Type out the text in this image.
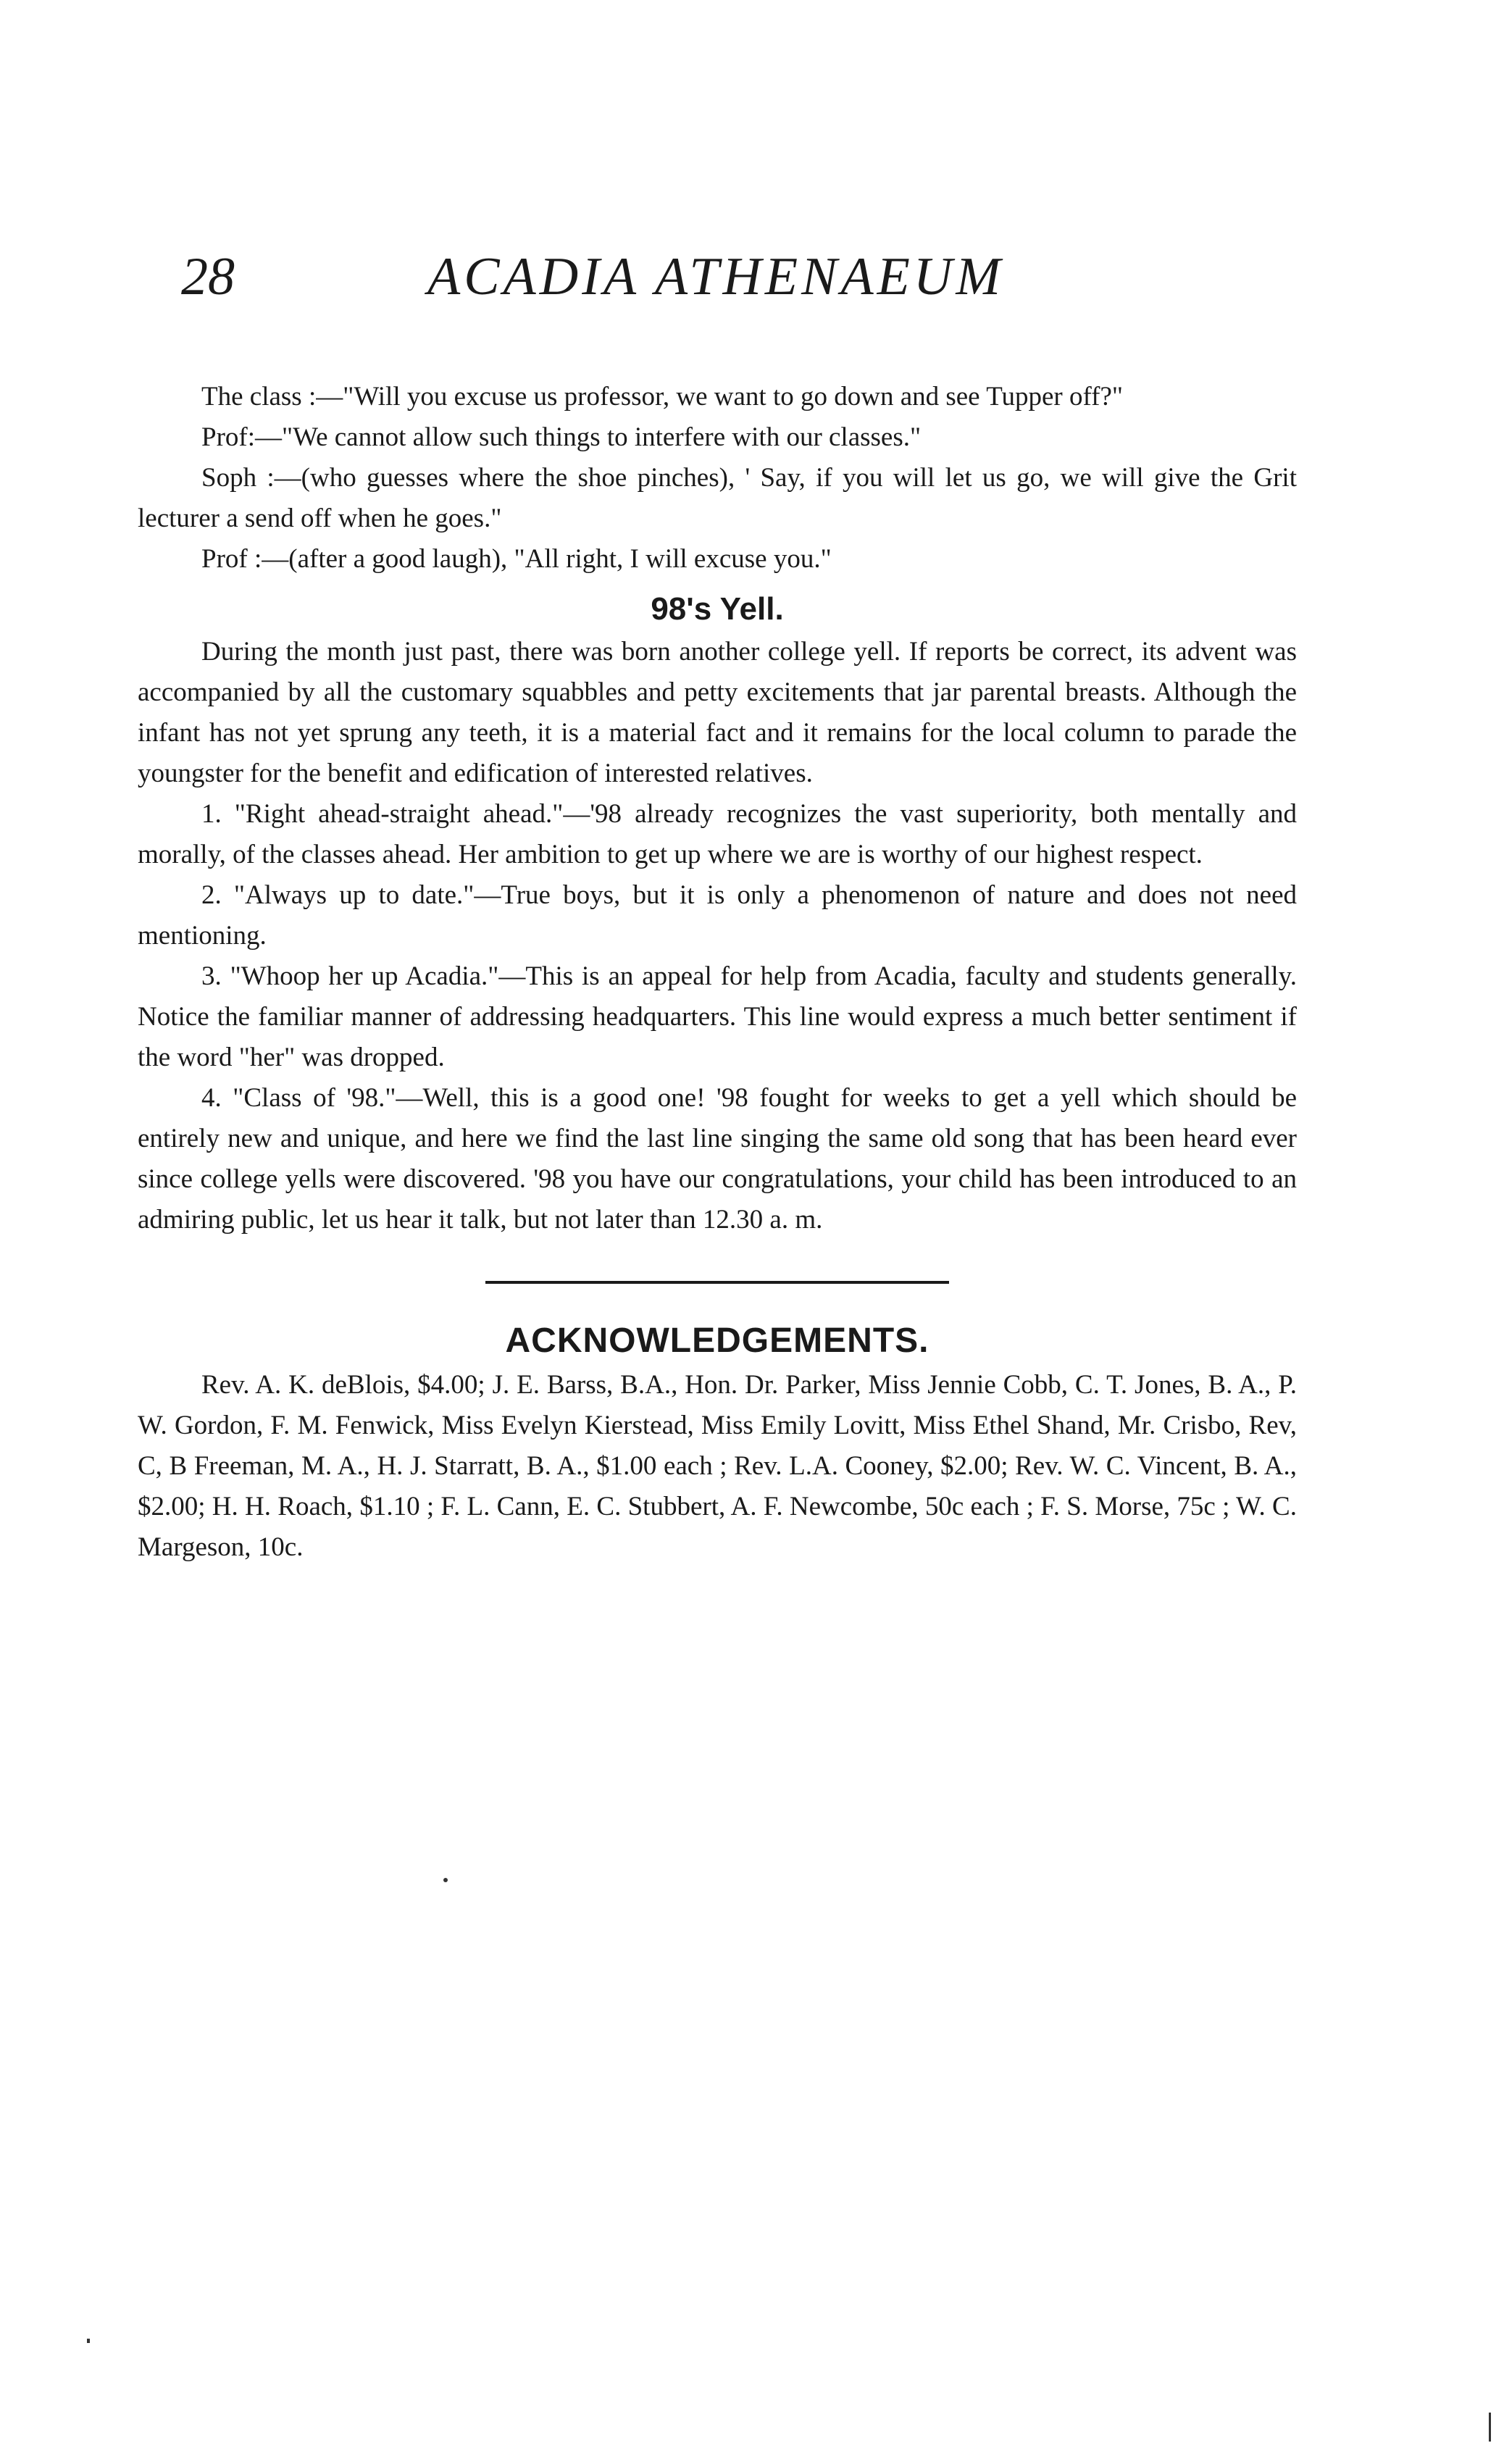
28	ACADIA ATHENAEUM

The class :—"Will you excuse us professor, we want to go down and see Tupper off?"

Prof:—"We cannot allow such things to interfere with our classes."

Soph :—(who guesses where the shoe pinches), ' Say, if you will let us go, we will give the Grit lecturer a send off when he goes."

Prof :—(after a good laugh), "All right, I will excuse you."

98's Yell.

During the month just past, there was born another college yell. If reports be correct, its advent was accompanied by all the customary squabbles and petty excitements that jar parental breasts. Although the infant has not yet sprung any teeth, it is a material fact and it remains for the local column to parade the youngster for the benefit and edification of interested relatives.

1. "Right ahead-straight ahead."—'98 already recognizes the vast superiority, both mentally and morally, of the classes ahead. Her ambition to get up where we are is worthy of our highest respect.

2. "Always up to date."—True boys, but it is only a phenomenon of nature and does not need mentioning.

3. "Whoop her up Acadia."—This is an appeal for help from Acadia, faculty and students generally. Notice the familiar manner of addressing headquarters. This line would express a much better sentiment if the word "her" was dropped.

4. "Class of '98."—Well, this is a good one! '98 fought for weeks to get a yell which should be entirely new and unique, and here we find the last line singing the same old song that has been heard ever since college yells were discovered. '98 you have our congratulations, your child has been introduced to an admiring public, let us hear it talk, but not later than 12.30 a. m.

ACKNOWLEDGEMENTS.

Rev. A. K. deBlois, $4.00; J. E. Barss, B.A., Hon. Dr. Parker, Miss Jennie Cobb, C. T. Jones, B. A., P. W. Gordon, F. M. Fenwick, Miss Evelyn Kierstead, Miss Emily Lovitt, Miss Ethel Shand, Mr. Crisbo, Rev, C, B Freeman, M. A., H. J. Starratt, B. A., $1.00 each ; Rev. L.A. Cooney, $2.00; Rev. W. C. Vincent, B. A., $2.00; H. H. Roach, $1.10 ; F. L. Cann, E. C. Stubbert, A. F. Newcombe, 50c each ; F. S. Morse, 75c ; W. C. Margeson, 10c.
